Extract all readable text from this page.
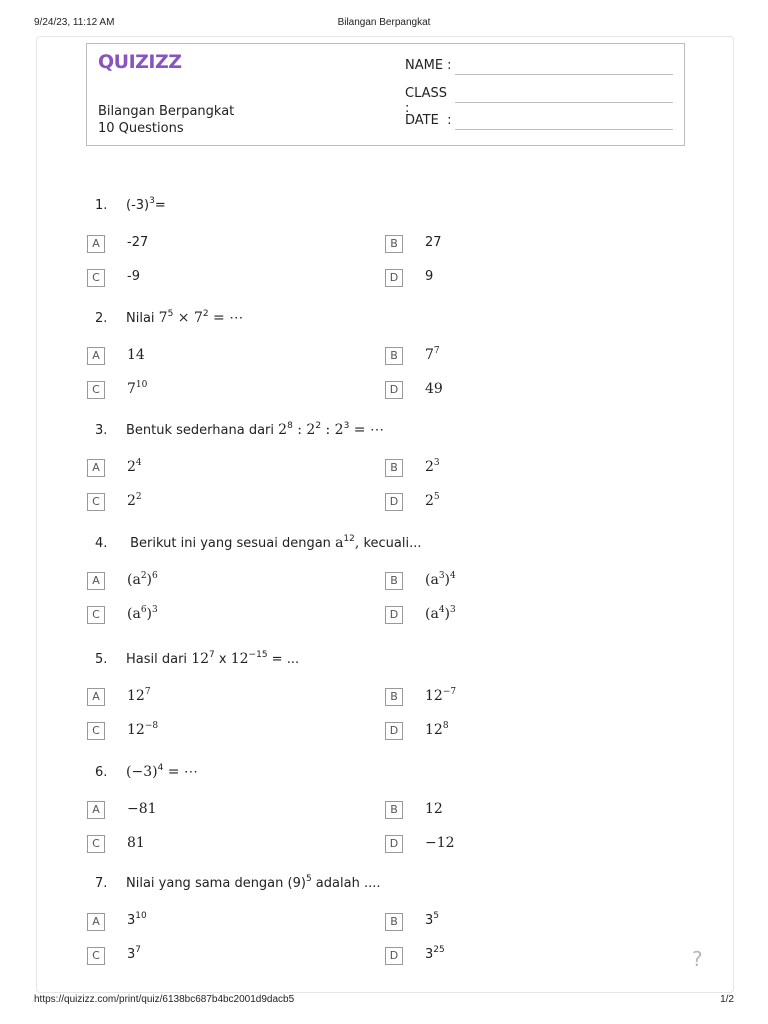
9/24/23, 11:12 AM	Bilangan Berpangkat
QUIZIZZ
Bilangan Berpangkat
10 Questions
NAME :
CLASS :
DATE  :
1. $(-3)^3=$
A	-27	B	27
C	-9	D	9
2. Nilai $7^5 \times 7^2$ = ⋯
A	14	B	$7^7$
C	$7^{10}$	D	49
3. Bentuk sederhana dari $2^8$ : $2^2$ : $2^3$ = ⋯
A	$2^4$	B	$2^3$
C	$2^2$	D	$2^5$
4. Berikut ini yang sesuai dengan $a^{12}$, kecuali...
A	$(a^2)^6$	B	$(a^3)^4$
C	$(a^6)^3$	D	$(a^4)^3$
5. Hasil dari $12^7$ x $12^{-15}$ = ...
A	$12^7$	B	$12^{-7}$
C	$12^{-8}$	D	$12^8$
6. $(-3)^4$ = ⋯
A	−81	B	12
C	81	D	−12
7. Nilai yang sama dengan $(9)^5$ adalah ....
A	$3^{10}$	B	$3^5$
C	$3^7$	D	$3^{25}$	?
https://quizizz.com/print/quiz/6138bc687b4bc2001d9dacb5	1/2
